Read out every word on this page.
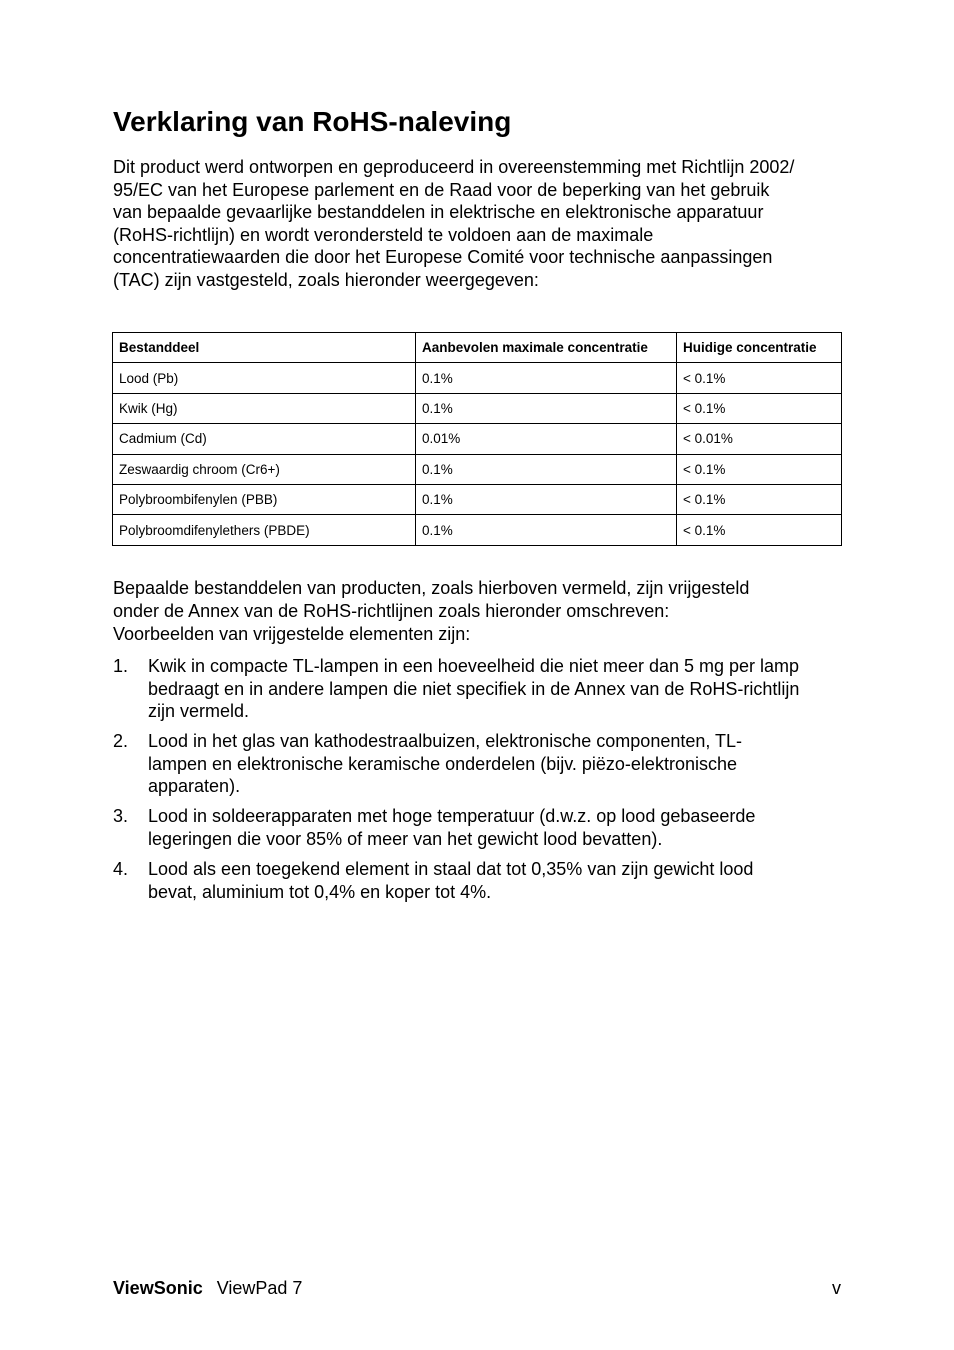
Verklaring van RoHS-naleving

Dit product werd ontworpen en geproduceerd in overeenstemming met Richtlijn 2002/
95/EC van het Europese parlement en de Raad voor de beperking van het gebruik
van bepaalde gevaarlijke bestanddelen in elektrische en elektronische apparatuur
(RoHS-richtlijn) en wordt verondersteld te voldoen aan de maximale
concentratiewaarden die door het Europese Comité voor technische aanpassingen
(TAC) zijn vastgesteld, zoals hieronder weergegeven:

Bestanddeel	Aanbevolen maximale concentratie	Huidige concentratie
Lood (Pb)	0.1%	< 0.1%
Kwik (Hg)	0.1%	< 0.1%
Cadmium (Cd)	0.01%	< 0.01%
Zeswaardig chroom (Cr6+)	0.1%	< 0.1%
Polybroombifenylen (PBB)	0.1%	< 0.1%
Polybroomdifenylethers (PBDE)	0.1%	< 0.1%

Bepaalde bestanddelen van producten, zoals hierboven vermeld, zijn vrijgesteld
onder de Annex van de RoHS-richtlijnen zoals hieronder omschreven:

Voorbeelden van vrijgestelde elementen zijn:

1. Kwik in compacte TL-lampen in een hoeveelheid die niet meer dan 5 mg per lamp
bedraagt en in andere lampen die niet specifiek in de Annex van de RoHS-richtlijn
zijn vermeld.
2. Lood in het glas van kathodestraalbuizen, elektronische componenten, TL-
lampen en elektronische keramische onderdelen (bijv. piëzo-elektronische
apparaten).
3. Lood in soldeerapparaten met hoge temperatuur (d.w.z. op lood gebaseerde
legeringen die voor 85% of meer van het gewicht lood bevatten).
4. Lood als een toegekend element in staal dat tot 0,35% van zijn gewicht lood
bevat, aluminium tot 0,4% en koper tot 4%.
ViewSonic ViewPad 7	v
